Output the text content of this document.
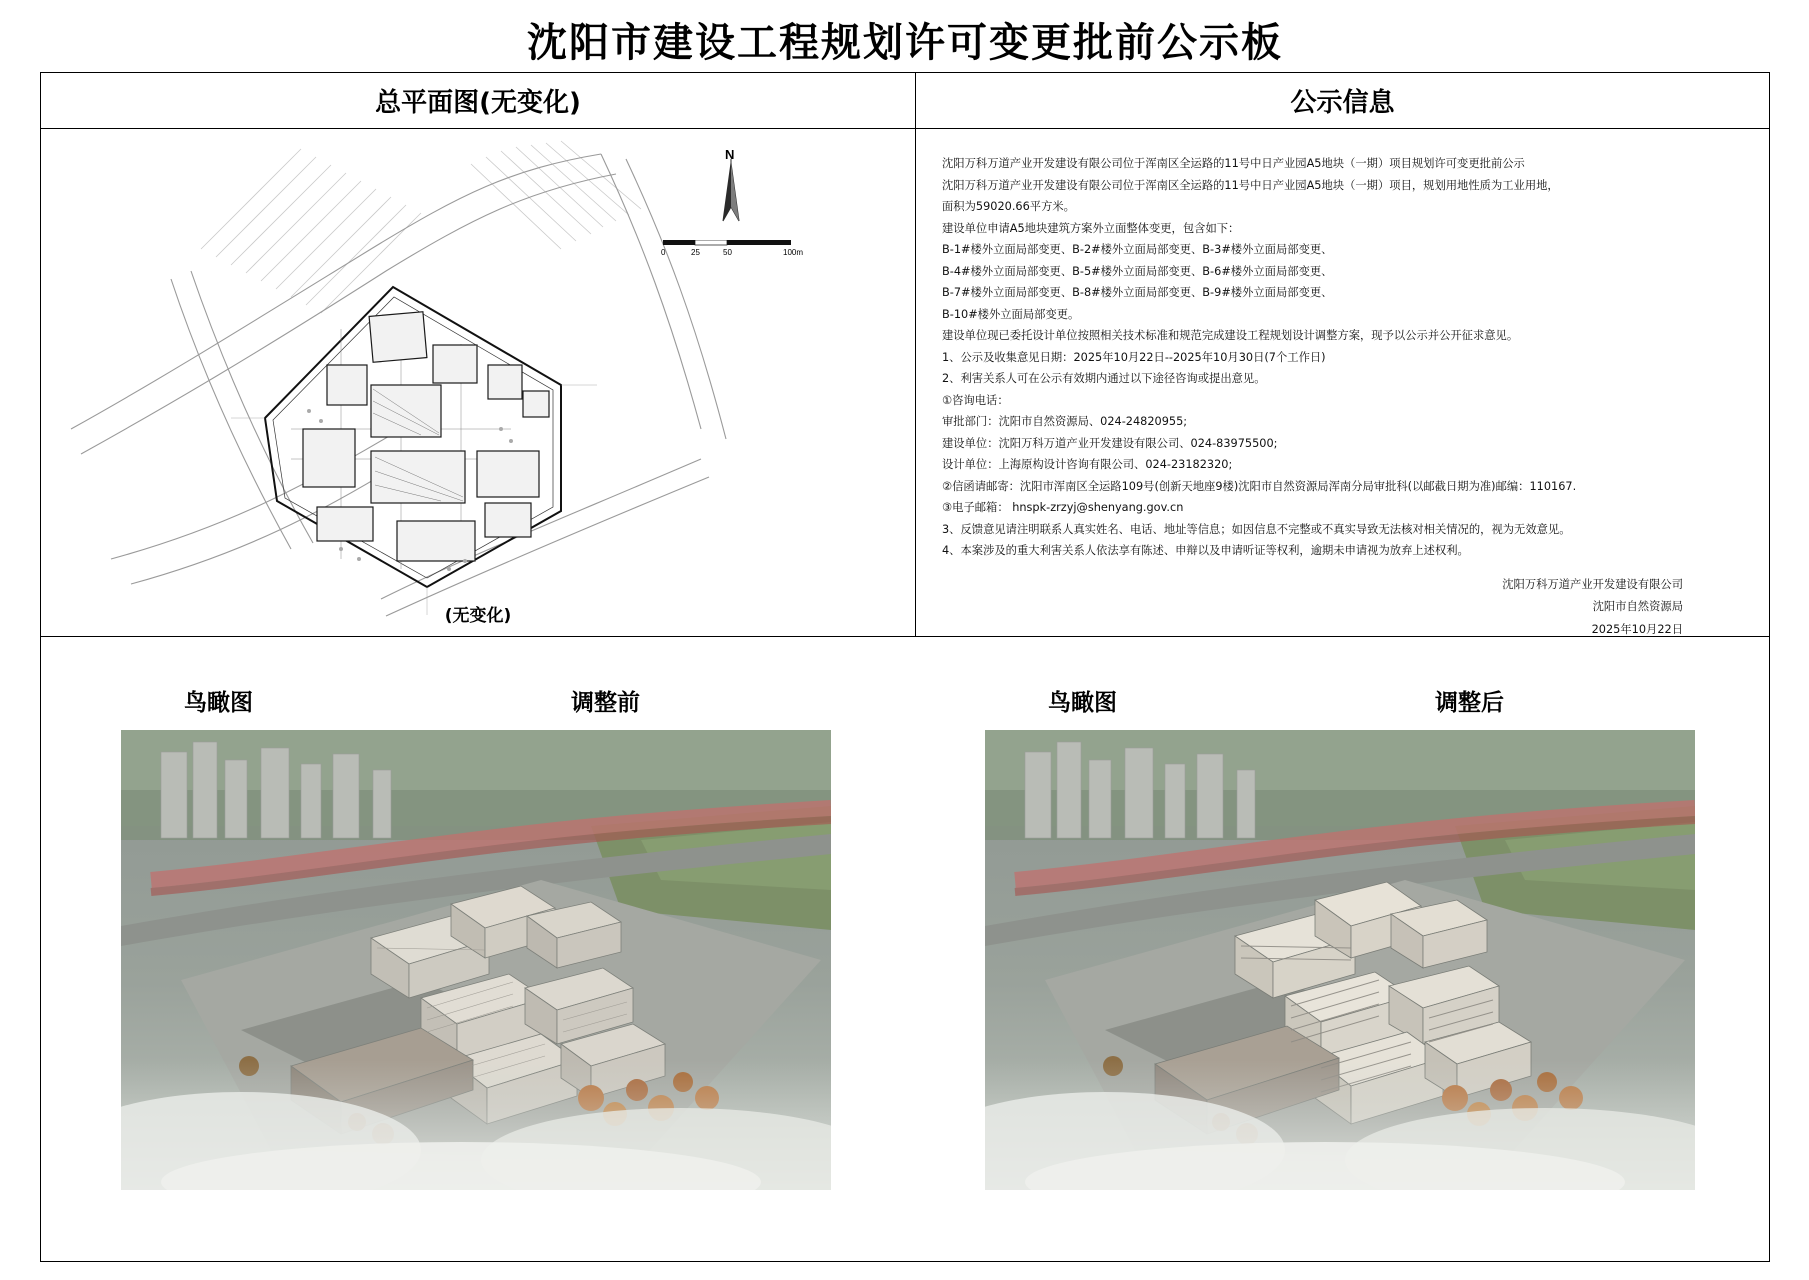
沈阳市建设工程规划许可变更批前公示板
总平面图(无变化)	公示信息
N
0	25	50	100m
(无变化)

沈阳万科万道产业开发建设有限公司位于浑南区全运路的11号中日产业园A5地块（一期）项目规划许可变更批前公示

沈阳万科万道产业开发建设有限公司位于浑南区全运路的11号中日产业园A5地块（一期）项目，规划用地性质为工业用地，

面积为59020.66平方米。

建设单位申请A5地块建筑方案外立面整体变更，包含如下：

B-1#楼外立面局部变更、B-2#楼外立面局部变更、B-3#楼外立面局部变更、

B-4#楼外立面局部变更、B-5#楼外立面局部变更、B-6#楼外立面局部变更、

B-7#楼外立面局部变更、B-8#楼外立面局部变更、B-9#楼外立面局部变更、

B-10#楼外立面局部变更。

建设单位现已委托设计单位按照相关技术标准和规范完成建设工程规划设计调整方案，现予以公示并公开征求意见。

1、公示及收集意见日期：2025年10月22日--2025年10月30日(7个工作日)

2、利害关系人可在公示有效期内通过以下途径咨询或提出意见。

①咨询电话：

审批部门：沈阳市自然资源局、024-24820955;

建设单位：沈阳万科万道产业开发建设有限公司、024-83975500;

设计单位：上海原构设计咨询有限公司、024-23182320;

②信函请邮寄：沈阳市浑南区全运路109号(创新天地座9楼)沈阳市自然资源局浑南分局审批科(以邮截日期为准)邮编：110167.

③电子邮箱： hnspk-zrzyj@shenyang.gov.cn

3、反馈意见请注明联系人真实姓名、电话、地址等信息；如因信息不完整或不真实导致无法核对相关情况的，视为无效意见。

4、本案涉及的重大利害关系人依法享有陈述、申辩以及申请听证等权利，逾期未申请视为放弃上述权利。

沈阳万科万道产业开发建设有限公司

沈阳市自然资源局

2025年10月22日

鸟瞰图	调整前	鸟瞰图	调整后
